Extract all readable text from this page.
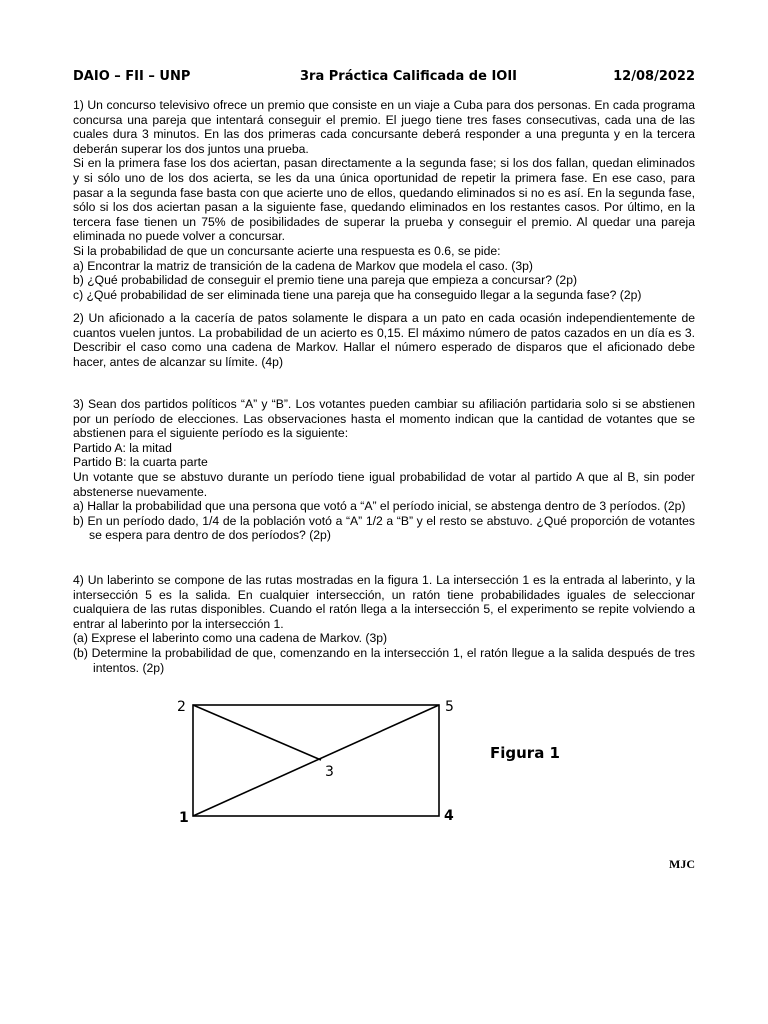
DAIO – FII – UNP	3ra Práctica Calificada de IOII	12/08/2022

1) Un concurso televisivo ofrece un premio que consiste en un viaje a Cuba para dos personas. En cada programa concursa una pareja que intentará conseguir el premio. El juego tiene tres fases consecutivas, cada una de las cuales dura 3 minutos. En las dos primeras cada concursante deberá responder a una pregunta y en la tercera deberán superar los dos juntos una prueba.

Si en la primera fase los dos aciertan, pasan directamente a la segunda fase; si los dos fallan, quedan eliminados y si sólo uno de los dos acierta, se les da una única oportunidad de repetir la primera fase. En ese caso, para pasar a la segunda fase basta con que acierte uno de ellos, quedando eliminados si no es así. En la segunda fase, sólo si los dos aciertan pasan a la siguiente fase, quedando eliminados en los restantes casos. Por último, en la tercera fase tienen un 75% de posibilidades de superar la prueba y conseguir el premio. Al quedar una pareja eliminada no puede volver a concursar.

Si la probabilidad de que un concursante acierte una respuesta es 0.6, se pide:

a) Encontrar la matriz de transición de la cadena de Markov que modela el caso. (3p)

b) ¿Qué probabilidad de conseguir el premio tiene una pareja que empieza a concursar? (2p)

c) ¿Qué probabilidad de ser eliminada tiene una pareja que ha conseguido llegar a la segunda fase? (2p)

2) Un aficionado a la cacería de patos solamente le dispara a un pato en cada ocasión independientemente de cuantos vuelen juntos. La probabilidad de un acierto es 0,15. El máximo número de patos cazados en un día es 3. Describir el caso como una cadena de Markov. Hallar el número esperado de disparos que el aficionado debe hacer, antes de alcanzar su límite. (4p)

3) Sean dos partidos políticos “A” y “B”. Los votantes pueden cambiar su afiliación partidaria solo si se abstienen por un período de elecciones. Las observaciones hasta el momento indican que la cantidad de votantes que se abstienen para el siguiente período es la siguiente:

Partido A: la mitad

Partido B: la cuarta parte

Un votante que se abstuvo durante un período tiene igual probabilidad de votar al partido A que al B, sin poder abstenerse nuevamente.

a) Hallar la probabilidad que una persona que votó a “A” el período inicial, se abstenga dentro de 3 períodos. (2p)

b) En un período dado, 1/4 de la población votó a “A” 1/2 a “B” y el resto se abstuvo. ¿Qué proporción de votantes se espera para dentro de dos períodos? (2p)

4) Un laberinto se compone de las rutas mostradas en la figura 1. La intersección 1 es la entrada al laberinto, y la intersección 5 es la salida. En cualquier intersección, un ratón tiene probabilidades iguales de seleccionar cualquiera de las rutas disponibles. Cuando el ratón llega a la intersección 5, el experimento se repite volviendo a entrar al laberinto por la intersección 1.

(a) Exprese el laberinto como una cadena de Markov. (3p)

(b) Determine la probabilidad de que, comenzando en la intersección 1, el ratón llegue a la salida después de tres intentos. (2p)

2	5
3
1	4
Figura 1
MJC
